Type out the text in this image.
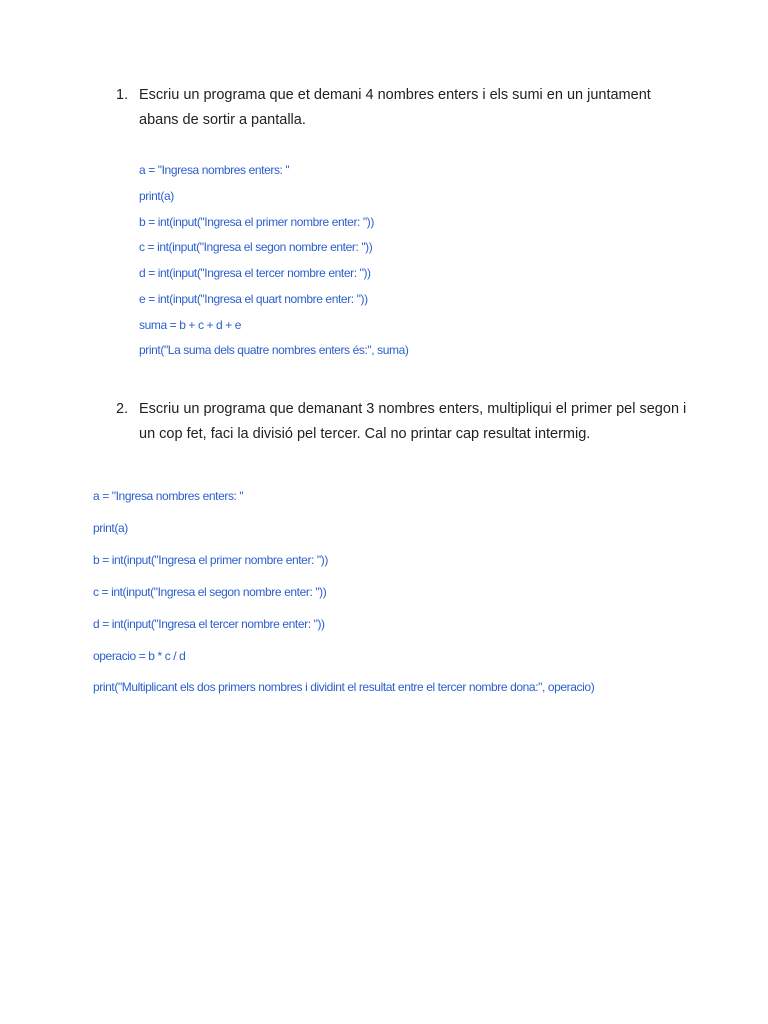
1. Escriu un programa que et demani 4 nombres enters i els sumi en un juntament
abans de sortir a pantalla.
a = "Ingresa nombres enters: "
print(a)
b = int(input("Ingresa el primer nombre enter: "))
c = int(input("Ingresa el segon nombre enter: "))
d = int(input("Ingresa el tercer nombre enter: "))
e = int(input("Ingresa el quart nombre enter: "))
suma = b + c + d + e
print("La suma dels quatre nombres enters és:", suma)
2. Escriu un programa que demanant 3 nombres enters, multipliqui el primer pel segon i
un cop fet, faci la divisió pel tercer. Cal no printar cap resultat intermig.
a = "Ingresa nombres enters: "
print(a)
b = int(input("Ingresa el primer nombre enter: "))
c = int(input("Ingresa el segon nombre enter: "))
d = int(input("Ingresa el tercer nombre enter: "))
operacio = b * c / d
print("Multiplicant els dos primers nombres i dividint el resultat entre el tercer nombre dona:", operacio)
